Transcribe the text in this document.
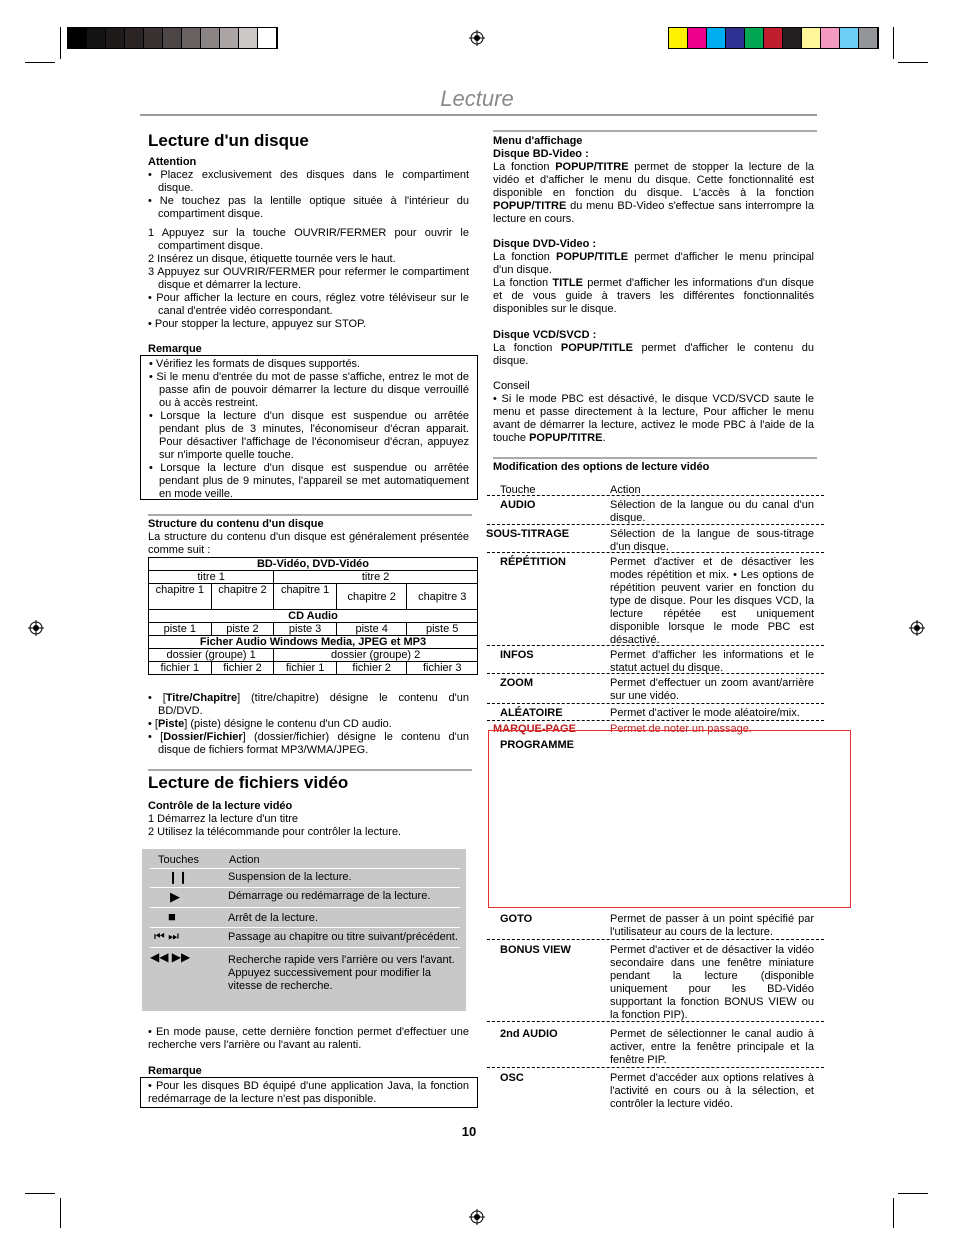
Lecture
Lecture d'un disque
Attention

• Placez exclusivement des disques dans le compartiment disque.

• Ne touchez pas la lentille optique située à l'intérieur du compartiment disque.

1 Appuyez sur la touche OUVRIR/FERMER pour ouvrir le compartiment disque.

2 Insérez un disque, étiquette tournée vers le haut.

3 Appuyez sur OUVRIR/FERMER pour refermer le compartiment disque et démarrer la lecture.

• Pour afficher la lecture en cours, réglez votre téléviseur sur le canal d'entrée vidéo correspondant.

• Pour stopper la lecture, appuyez sur STOP.

Remarque

• Vérifiez les formats de disques supportés.

• Si le menu d'entrée du mot de passe s'affiche, entrez le mot de passe afin de pouvoir démarrer la lecture du disque verrouillé ou à accès restreint.

• Lorsque la lecture d'un disque est suspendue ou arrêtée pendant plus de 3 minutes, l'économiseur d'écran apparait. Pour désactiver l'affichage de l'économiseur d'écran, appuyez sur n'importe quelle touche.

• Lorsque la lecture d'un disque est suspendue ou arrêtée pendant plus de 9 minutes, l'appareil se met automatiquement en mode veille.

Structure du contenu d'un disque
La structure du contenu d'un disque est généralement présentée comme suit :
BD-Vidéo, DVD-Vidéo				
titre 1		titre 2		
chapitre 1	chapitre 2	chapitre 1	chapitre 2	chapitre 3
CD Audio				
piste 1	piste 2	piste 3	piste 4	piste 5
Ficher Audio Windows Media, JPEG et MP3				
dossier (groupe) 1		dossier (groupe) 2		
fichier 1	fichier 2	fichier 1	fichier 2	fichier 3

• [Titre/Chapitre] (titre/chapitre) désigne le contenu d'un BD/DVD.

• [Piste] (piste) désigne le contenu d'un CD audio.

• [Dossier/Fichier] (dossier/fichier) désigne le contenu d'un disque de fichiers format MP3/WMA/JPEG.

Lecture de fichiers vidéo
Contrôle de la lecture vidéo

1 Démarrez la lecture d'un titre

2 Utilisez la télécommande pour contrôler la lecture.

Touches	Action
❙❙	Suspension de la lecture.
▶	Démarrage ou redémarrage de la lecture.
■	Arrêt de la lecture.
⏮ ⏭	Passage au chapitre ou titre suivant/précédent.
◀◀ ▶▶	Recherche rapide vers l'arrière ou vers l'avant. Appuyez successivement pour modifier la vitesse de recherche.
• En mode pause, cette dernière fonction permet d'effectuer une recherche vers l'arrière ou l'avant au ralenti.
Remarque
• Pour les disques BD équipé d'une application Java, la fonction redémarrage de la lecture n'est pas disponible.
Menu d'affichage
Disque BD-Video :
La fonction POPUP/TITRE permet de stopper la lecture de la vidéo et d'afficher le menu du disque. Cette fonctionnalité est disponible en fonction du disque. L'accès à la fonction POPUP/TITRE du menu BD-Video s'effectue sans interrompre la lecture en cours.
Disque DVD-Video :
La fonction POPUP/TITLE permet d'afficher le menu principal d'un disque.
La fonction TITLE permet d'afficher les informations d'un disque et de vous guide à travers les différentes fonctionnalités disponibles sur le disque.
Disque VCD/SVCD :
La fonction POPUP/TITLE permet d'afficher le contenu du disque.
Conseil
• Si le mode PBC est désactivé, le disque VCD/SVCD saute le menu et passe directement à la lecture, Pour afficher le menu avant de démarrer la lecture, activez le mode PBC à l'aide de la touche POPUP/TITRE.
Modification des options de lecture vidéo
Touche	Action
AUDIO	Sélection de la langue ou du canal d'un disque.
SOUS-TITRAGE	Sélection de la langue de sous-titrage d'un disque.
RÉPÉTITION	Permet d'activer et de désactiver les modes répétition et mix. • Les options de répétition peuvent varier en fonction du type de disque. Pour les disques VCD, la lecture répétée est uniquement disponible lorsque le mode PBC est désactivé.
INFOS	Permet d'afficher les informations et le statut actuel du disque.
ZOOM	Permet d'effectuer un zoom avant/arrière sur une vidéo.
ALÉATOIRE	Permet d'activer le mode aléatoire/mix.
MARQUE-PAGE	Permet de noter un passage.
PROGRAMME
GOTO	Permet de passer à un point spécifié par l'utilisateur au cours de la lecture.
BONUS VIEW	Permet d'activer et de désactiver la vidéo secondaire dans une fenêtre miniature pendant la lecture (disponible uniquement pour les BD-Vidéo supportant la fonction BONUS VIEW ou la fonction PIP).
2nd AUDIO	Permet de sélectionner le canal audio à activer, entre la fenêtre principale et la fenêtre PIP.
OSC	Permet d'accéder aux options relatives à l'activité en cours ou à la sélection, et contrôler la lecture vidéo.
10
